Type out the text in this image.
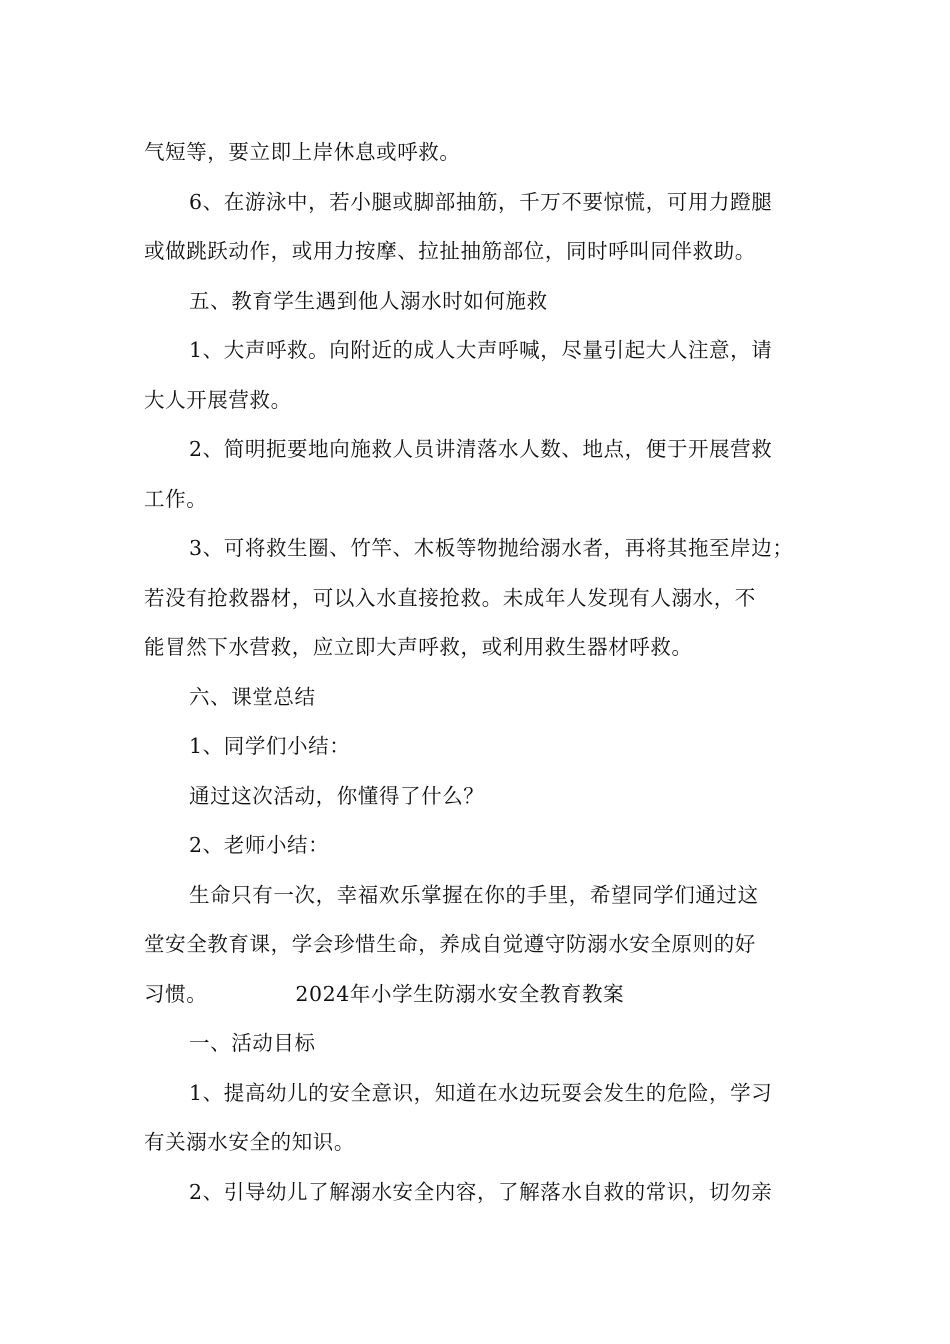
气短等，要立即上岸休息或呼救。

6、在游泳中，若小腿或脚部抽筋，千万不要惊慌，可用力蹬腿

或做跳跃动作，或用力按摩、拉扯抽筋部位，同时呼叫同伴救助。

五、教育学生遇到他人溺水时如何施救

1、大声呼救。向附近的成人大声呼喊，尽量引起大人注意，请

大人开展营救。

2、简明扼要地向施救人员讲清落水人数、地点，便于开展营救

工作。

3、可将救生圈、竹竿、木板等物抛给溺水者，再将其拖至岸边；

若没有抢救器材，可以入水直接抢救。未成年人发现有人溺水，不

能冒然下水营救，应立即大声呼救，或利用救生器材呼救。

六、课堂总结

1、同学们小结：

通过这次活动，你懂得了什么？

2、老师小结：

生命只有一次，幸福欢乐掌握在你的手里，希望同学们通过这

堂安全教育课，学会珍惜生命，养成自觉遵守防溺水安全原则的好

习惯。	2024年小学生防溺水安全教育教案

一、活动目标

1、提高幼儿的安全意识，知道在水边玩耍会发生的危险，学习

有关溺水安全的知识。

2、引导幼儿了解溺水安全内容，了解落水自救的常识，切勿亲
